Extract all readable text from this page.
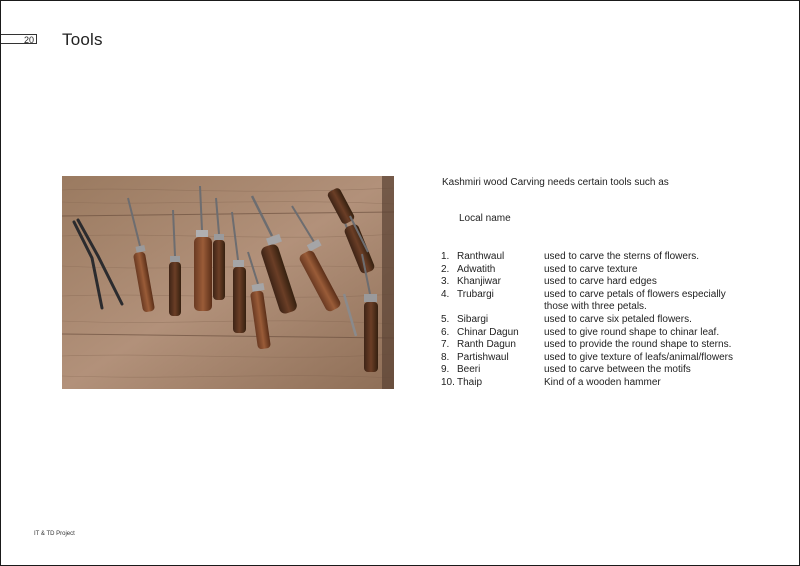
20 Tools
Kashmiri wood Carving needs certain tools such as
Local name
1. Ranthwaul	used to carve the sterns of flowers.
2. Adwatith	used to carve texture
3. Khanjiwar	used to carve hard edges
4. Trubargi	used to carve petals of flowers especially those with three petals.
5. Sibargi	used to carve six petaled flowers.
6. Chinar Dagun	used to give round shape to chinar leaf.
7. Ranth Dagun	used to provide the round shape to sterns.
8. Partishwaul	used to give texture of leafs/animal/flowers
9. Beeri	used to carve between the motifs
10. Thaip	Kind of a wooden hammer
IT & TD Project
